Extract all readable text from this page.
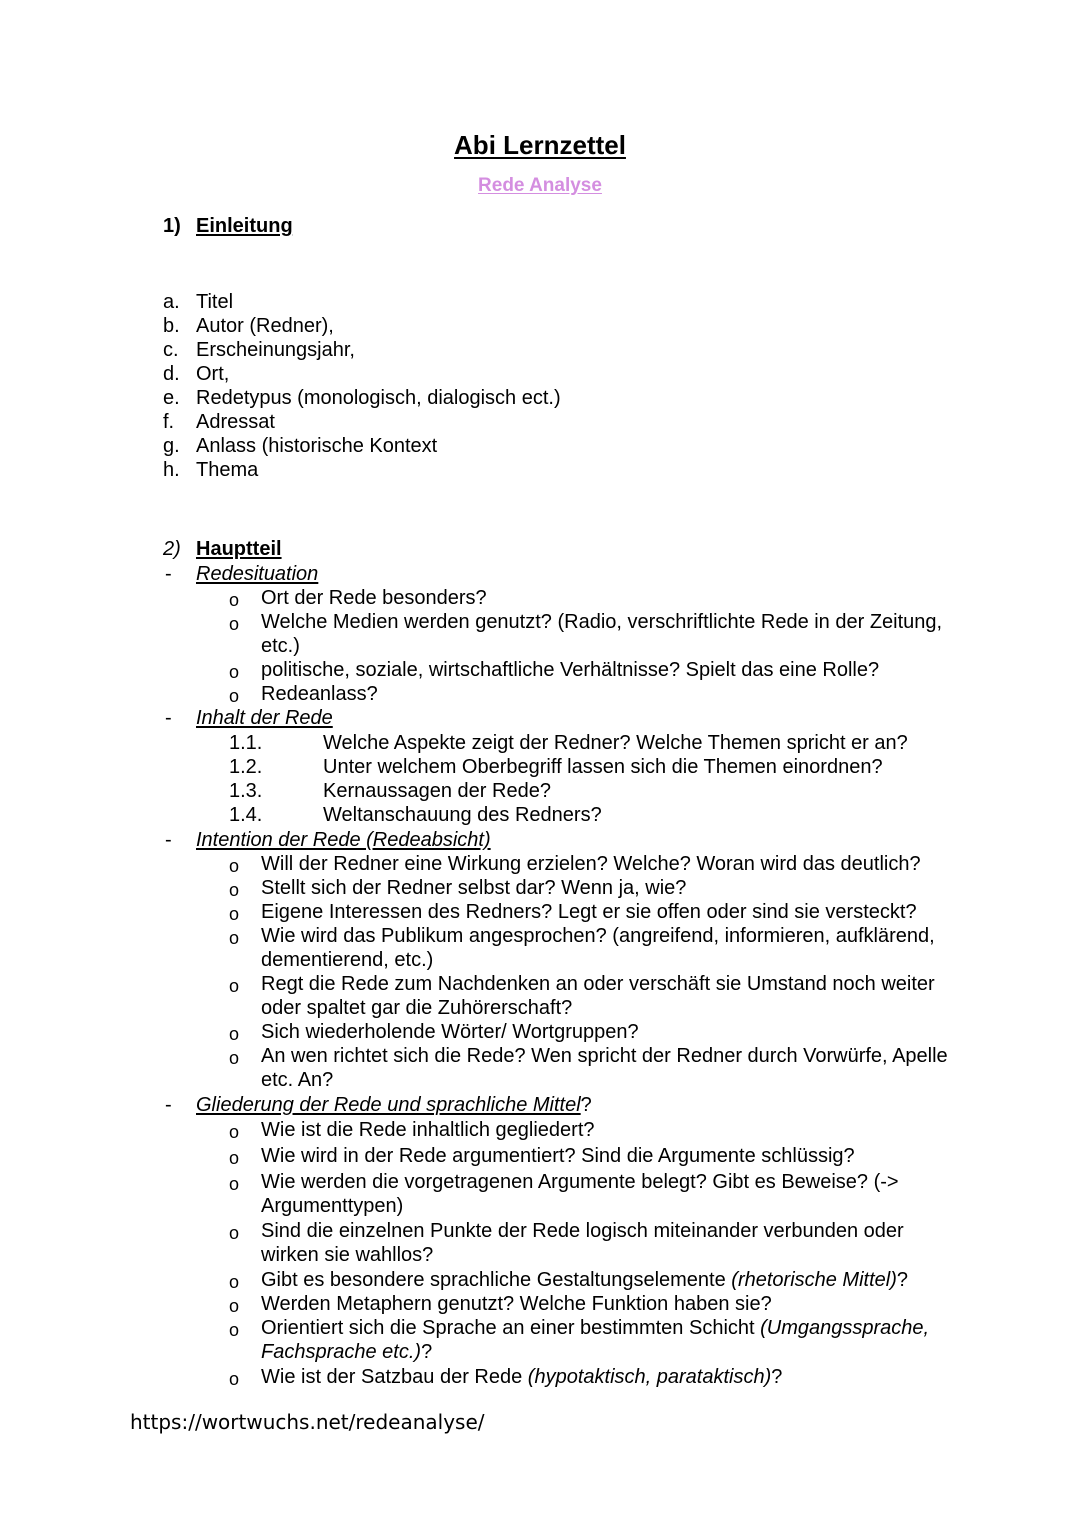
Abi Lernzettel
Rede Analyse
1) Einleitung
a. Titel
b. Autor (Redner),
c. Erscheinungsjahr,
d. Ort,
e. Redetypus (monologisch, dialogisch ect.)
f. Adressat
g. Anlass (historische Kontext
h. Thema
2) Hauptteil
- Redesituation
o Ort der Rede besonders?
o Welche Medien werden genutzt? (Radio, verschriftlichte Rede in der Zeitung,
etc.)
o politische, soziale, wirtschaftliche Verhältnisse? Spielt das eine Rolle?
o Redeanlass?
- Inhalt der Rede
1.1.	Welche Aspekte zeigt der Redner? Welche Themen spricht er an?
1.2.	Unter welchem Oberbegriff lassen sich die Themen einordnen?
1.3.	Kernaussagen der Rede?
1.4.	Weltanschauung des Redners?
- Intention der Rede (Redeabsicht)
o Will der Redner eine Wirkung erzielen? Welche? Woran wird das deutlich?
o Stellt sich der Redner selbst dar? Wenn ja, wie?
o Eigene Interessen des Redners? Legt er sie offen oder sind sie versteckt?
o Wie wird das Publikum angesprochen? (angreifend, informieren, aufklärend,
dementierend, etc.)
o Regt die Rede zum Nachdenken an oder verschäft sie Umstand noch weiter
oder spaltet gar die Zuhörerschaft?
o Sich wiederholende Wörter/ Wortgruppen?
o An wen richtet sich die Rede? Wen spricht der Redner durch Vorwürfe, Apelle
etc. An?
- Gliederung der Rede und sprachliche Mittel?
o Wie ist die Rede inhaltlich gegliedert?
o Wie wird in der Rede argumentiert? Sind die Argumente schlüssig?
o Wie werden die vorgetragenen Argumente belegt? Gibt es Beweise? (->
Argumenttypen)
o Sind die einzelnen Punkte der Rede logisch miteinander verbunden oder
wirken sie wahllos?
o Gibt es besondere sprachliche Gestaltungselemente (rhetorische Mittel)?
o Werden Metaphern genutzt? Welche Funktion haben sie?
o Orientiert sich die Sprache an einer bestimmten Schicht (Umgangssprache,
Fachsprache etc.)?
o Wie ist der Satzbau der Rede (hypotaktisch, parataktisch)?
https://wortwuchs.net/redeanalyse/
